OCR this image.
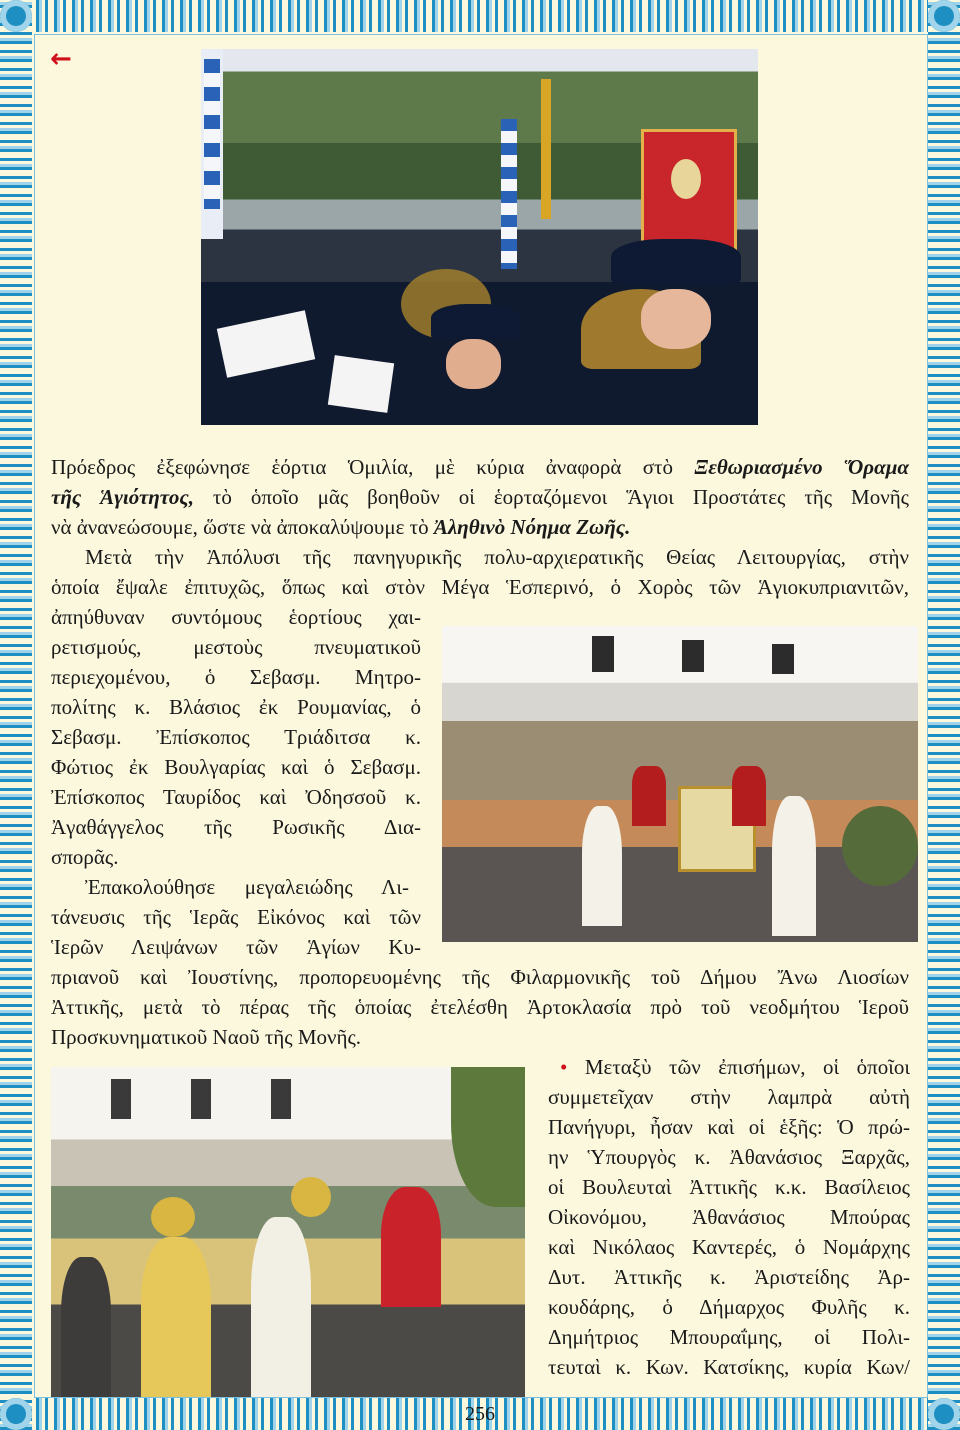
←
Πρόεδρος ἐξεφώνησε ἑόρτια Ὁμιλία, μὲ κύρια ἀναφορὰ στὸ Ξεθωριασμένο Ὅραμα
τῆς Ἁγιότητος, τὸ ὁποῖο μᾶς βοηθοῦν οἱ ἑορταζόμενοι Ἅγιοι Προστάτες τῆς Μονῆς
νὰ ἀνανεώσουμε, ὥστε νὰ ἀποκαλύψουμε τὸ Ἀληθινὸ Νόημα Ζωῆς.
Μετὰ τὴν Ἀπόλυσι τῆς πανηγυρικῆς πολυ-αρχιερατικῆς Θείας Λειτουργίας, στὴν
ὁποία ἔψαλε ἐπιτυχῶς, ὅπως καὶ στὸν Μέγα Ἑσπερινό, ὁ Χορὸς τῶν Ἁγιοκυπριανιτῶν,
ἀπηύθυναν συντόμους ἑορτίους χαι-
ρετισμούς, μεστοὺς πνευματικοῦ
περιεχομένου, ὁ Σεβασμ. Μητρο-
πολίτης κ. Βλάσιος ἐκ Ρουμανίας, ὁ
Σεβασμ. Ἐπίσκοπος Τριάδιτσα κ.
Φώτιος ἐκ Βουλγαρίας καὶ ὁ Σεβασμ.
Ἐπίσκοπος Ταυρίδος καὶ Ὀδησσοῦ κ.
Ἀγαθάγγελος τῆς Ρωσικῆς Δια-
σπορᾶς.
Ἐπακολούθησε μεγαλειώδης Λι-
τάνευσις τῆς Ἱερᾶς Εἰκόνος καὶ τῶν
Ἱερῶν Λειψάνων τῶν Ἁγίων Κυ-
πριανοῦ καὶ Ἰουστίνης, προπορευομένης τῆς Φιλαρμονικῆς τοῦ Δήμου Ἄνω Λιοσίων
Ἀττικῆς, μετὰ τὸ πέρας τῆς ὁποίας ἐτελέσθη Ἀρτοκλασία πρὸ τοῦ νεοδμήτου Ἱεροῦ
Προσκυνηματικοῦ Ναοῦ τῆς Μονῆς.
• Μεταξὺ τῶν ἐπισήμων, οἱ ὁποῖοι
συμμετεῖχαν στὴν λαμπρὰ αὐτὴ
Πανήγυρι, ἦσαν καὶ οἱ ἑξῆς: Ὁ πρώ-
ην Ὑπουργὸς κ. Ἀθανάσιος Ξαρχᾶς,
οἱ Βουλευταὶ Ἀττικῆς κ.κ. Βασίλειος
Οἰκονόμου, Ἀθανάσιος Μπούρας
καὶ Νικόλαος Καντερές, ὁ Νομάρχης
Δυτ. Ἀττικῆς κ. Ἀριστείδης Ἀρ-
κουδάρης, ὁ Δήμαρχος Φυλῆς κ.
Δημήτριος Μπουραΐμης, οἱ Πολι-
τευταὶ κ. Κων. Κατσίκης, κυρία Κων/
256
